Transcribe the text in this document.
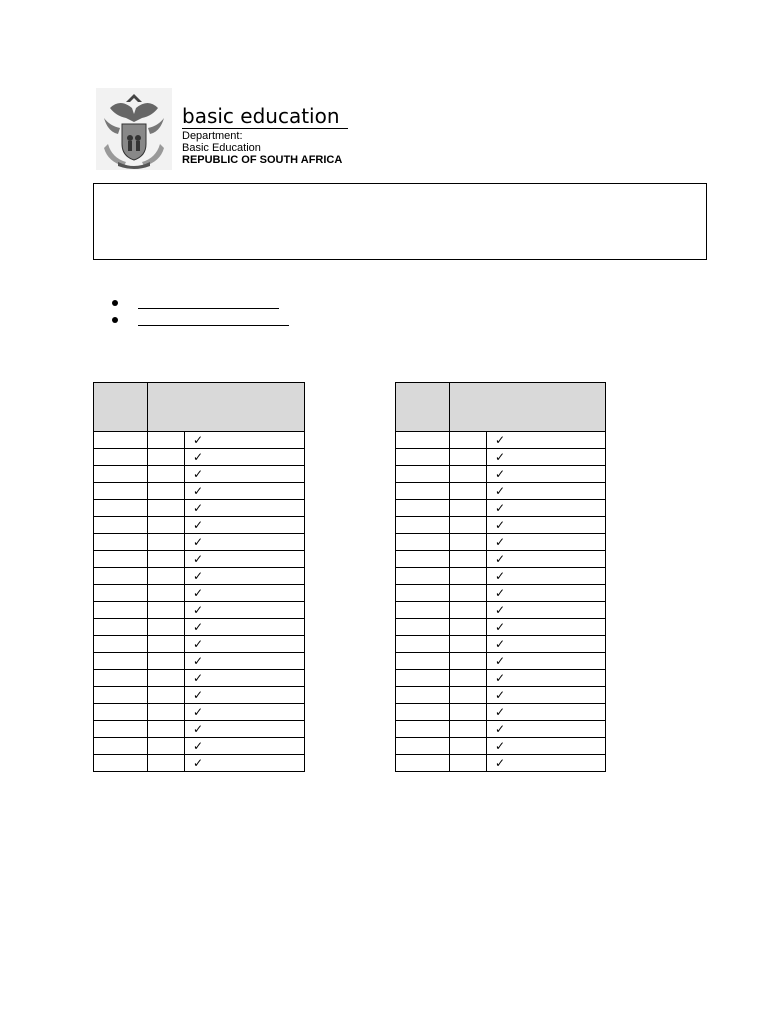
basic education
Department:
Basic Education
REPUBLIC OF SOUTH AFRICA

		✓
		✓
		✓
		✓
		✓
		✓
		✓
		✓
		✓
		✓
		✓
		✓
		✓
		✓
		✓
		✓
		✓
		✓
		✓
		✓

		✓
		✓
		✓
		✓
		✓
		✓
		✓
		✓
		✓
		✓
		✓
		✓
		✓
		✓
		✓
		✓
		✓
		✓
		✓
		✓
